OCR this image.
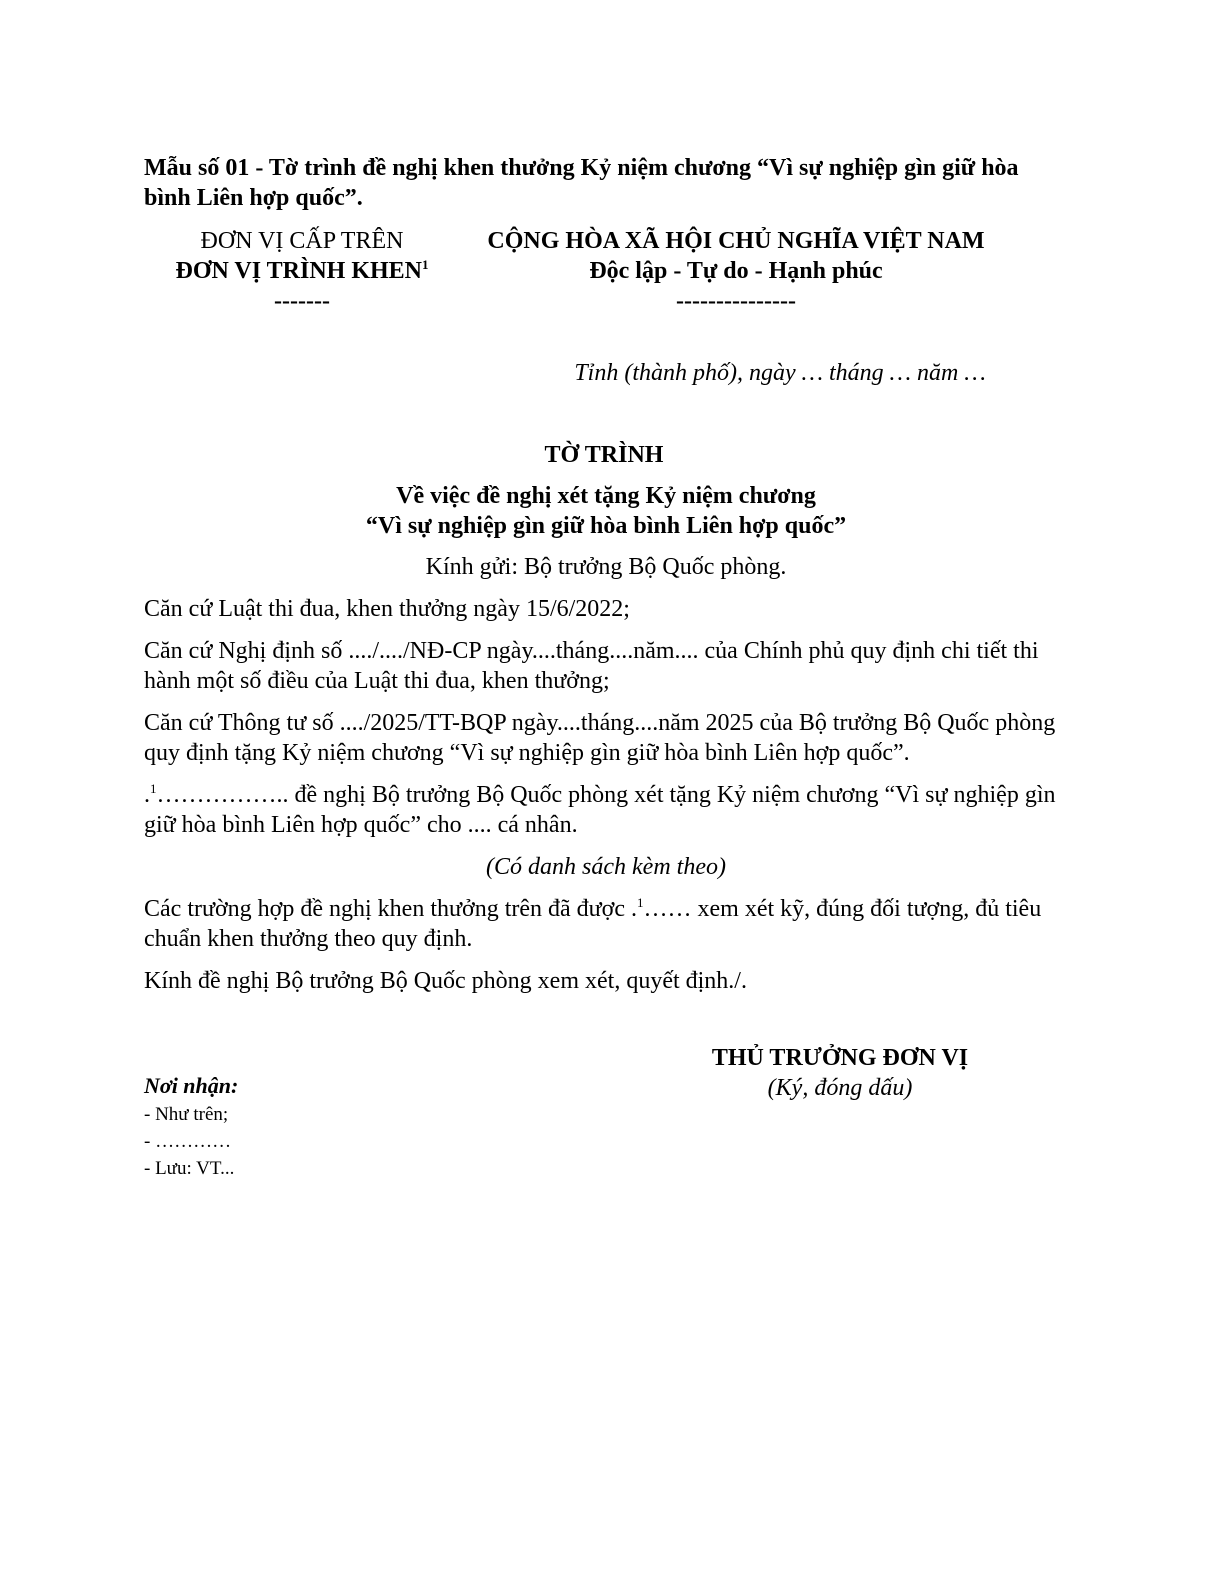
Mẫu số 01 - Tờ trình đề nghị khen thưởng Kỷ niệm chương “Vì sự nghiệp gìn giữ hòa bình Liên hợp quốc”.
ĐƠN VỊ CẤP TRÊN
ĐƠN VỊ TRÌNH KHEN$^1$
-------
CỘNG HÒA XÃ HỘI CHỦ NGHĨA VIỆT NAM
Độc lập - Tự do - Hạnh phúc
---------------
Tỉnh (thành phố), ngày … tháng … năm …
TỜ TRÌNH
Về việc đề nghị xét tặng Kỷ niệm chương
“Vì sự nghiệp gìn giữ hòa bình Liên hợp quốc”
Kính gửi: Bộ trưởng Bộ Quốc phòng.

Căn cứ Luật thi đua, khen thưởng ngày 15/6/2022;

Căn cứ Nghị định số ..../..../NĐ-CP ngày....tháng....năm.... của Chính phủ quy định chi tiết thi hành một số điều của Luật thi đua, khen thưởng;

Căn cứ Thông tư số ..../2025/TT-BQP ngày....tháng....năm 2025 của Bộ trưởng Bộ Quốc phòng quy định tặng Kỷ niệm chương “Vì sự nghiệp gìn giữ hòa bình Liên hợp quốc”.

.$^1$…………….. đề nghị Bộ trưởng Bộ Quốc phòng xét tặng Kỷ niệm chương “Vì sự nghiệp gìn giữ hòa bình Liên hợp quốc” cho .... cá nhân.

(Có danh sách kèm theo)

Các trường hợp đề nghị khen thưởng trên đã được .$^1$…… xem xét kỹ, đúng đối tượng, đủ tiêu chuẩn khen thưởng theo quy định.

Kính đề nghị Bộ trưởng Bộ Quốc phòng xem xét, quyết định./.

THỦ TRƯỞNG ĐƠN VỊ
(Ký, đóng dấu)
Nơi nhận:
- Như trên;
- …………
- Lưu: VT...
